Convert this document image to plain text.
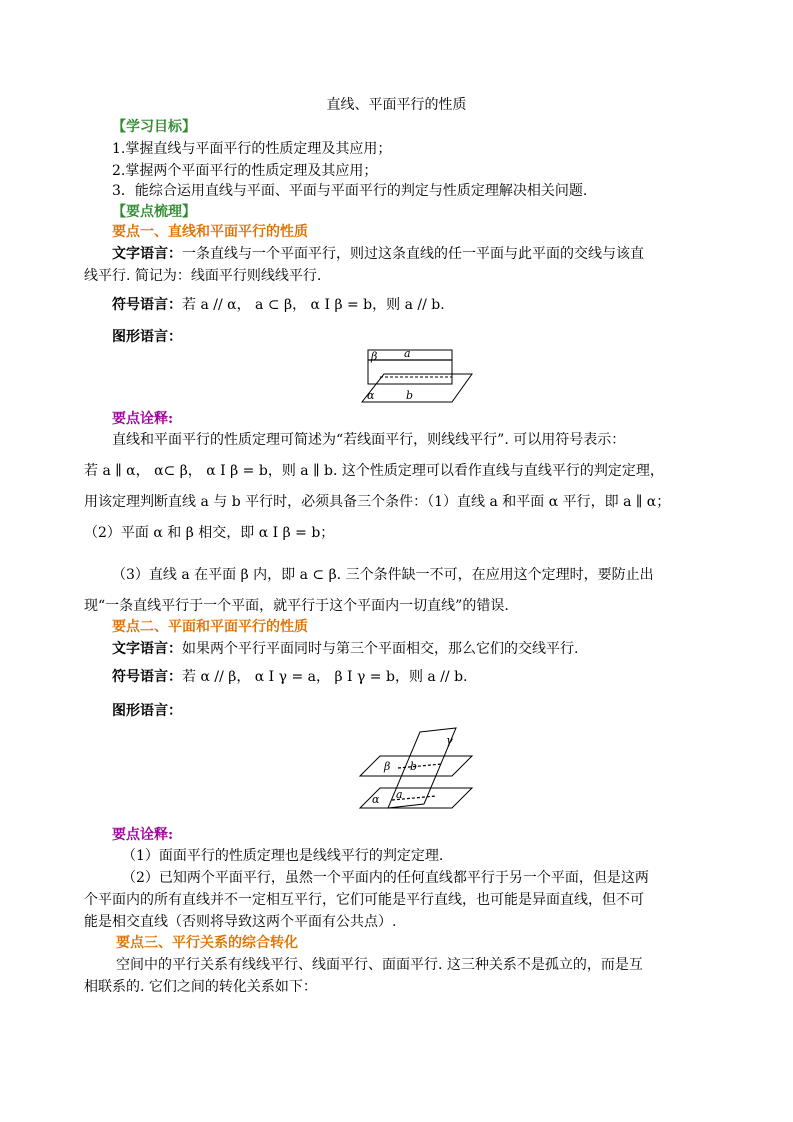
直线、平面平行的性质
【学习目标】
1.掌握直线与平面平行的性质定理及其应用；
2.掌握两个平面平行的性质定理及其应用；
3．能综合运用直线与平面、平面与平面平行的判定与性质定理解决相关问题.
【要点梳理】
要点一、直线和平面平行的性质
文字语言：一条直线与一个平面平行，则过这条直线的任一平面与此平面的交线与该直
线平行. 简记为：线面平行则线线平行.
符号语言：若 a // α， a ⊂ β， α I β = b，则 a // b.
图形语言：
β a
α	b
要点诠释:
直线和平面平行的性质定理可简述为“若线面平行，则线线平行”. 可以用符号表示：
若 a ∥ α， α⊂ β， α I β = b，则 a ∥ b. 这个性质定理可以看作直线与直线平行的判定定理，
用该定理判断直线 a 与 b 平行时，必须具备三个条件：（1）直线 a 和平面 α 平行，即 a ∥ α；
（2）平面 α 和 β 相交，即 α I β = b；
（3）直线 a 在平面 β 内，即 a ⊂ β. 三个条件缺一不可，在应用这个定理时，要防止出
现“一条直线平行于一个平面，就平行于这个平面内一切直线”的错误.
要点二、平面和平面平行的性质
文字语言：如果两个平行平面同时与第三个平面相交，那么它们的交线平行.
符号语言：若 α // β， α I γ = a， β I γ = b，则 a // b.
图形语言：
γ
β b
α a
要点诠释:
（1）面面平行的性质定理也是线线平行的判定定理.
（2）已知两个平面平行，虽然一个平面内的任何直线都平行于另一个平面，但是这两
个平面内的所有直线并不一定相互平行，它们可能是平行直线，也可能是异面直线，但不可
能是相交直线（否则将导致这两个平面有公共点）.
要点三、平行关系的综合转化
空间中的平行关系有线线平行、线面平行、面面平行. 这三种关系不是孤立的，而是互
相联系的. 它们之间的转化关系如下：
